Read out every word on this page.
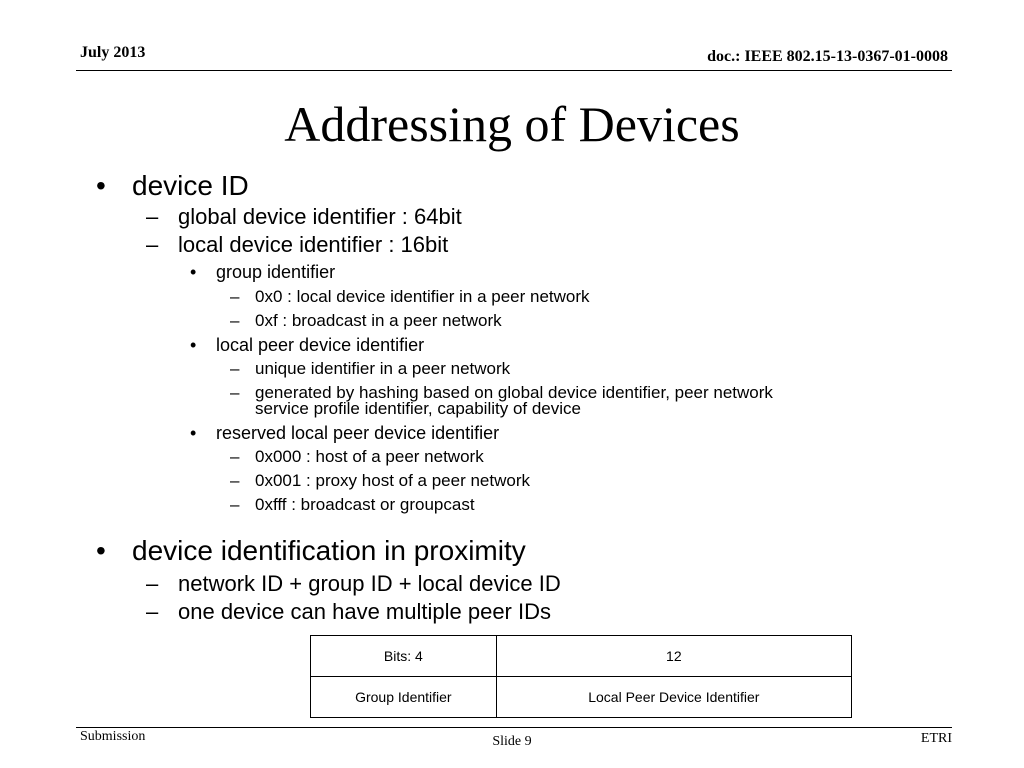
July 2013	doc.: IEEE 802.15-13-0367-01-0008
Addressing of Devices
• device ID
– global device identifier : 64bit
– local device identifier : 16bit
• group identifier
– 0x0 : local device identifier in a peer network
– 0xf : broadcast in a peer network
• local peer device identifier
– unique identifier in a peer network
– generated by hashing based on global device identifier, peer network
service profile identifier, capability of device
• reserved local peer device identifier
– 0x000 : host of a peer network
– 0x001 : proxy host of a peer network
– 0xfff : broadcast or groupcast
• device identification in proximity
– network ID + group ID + local device ID
– one device can have multiple peer IDs
Bits: 4	12
Group Identifier	Local Peer Device Identifier
Submission	Slide 9	ETRI
